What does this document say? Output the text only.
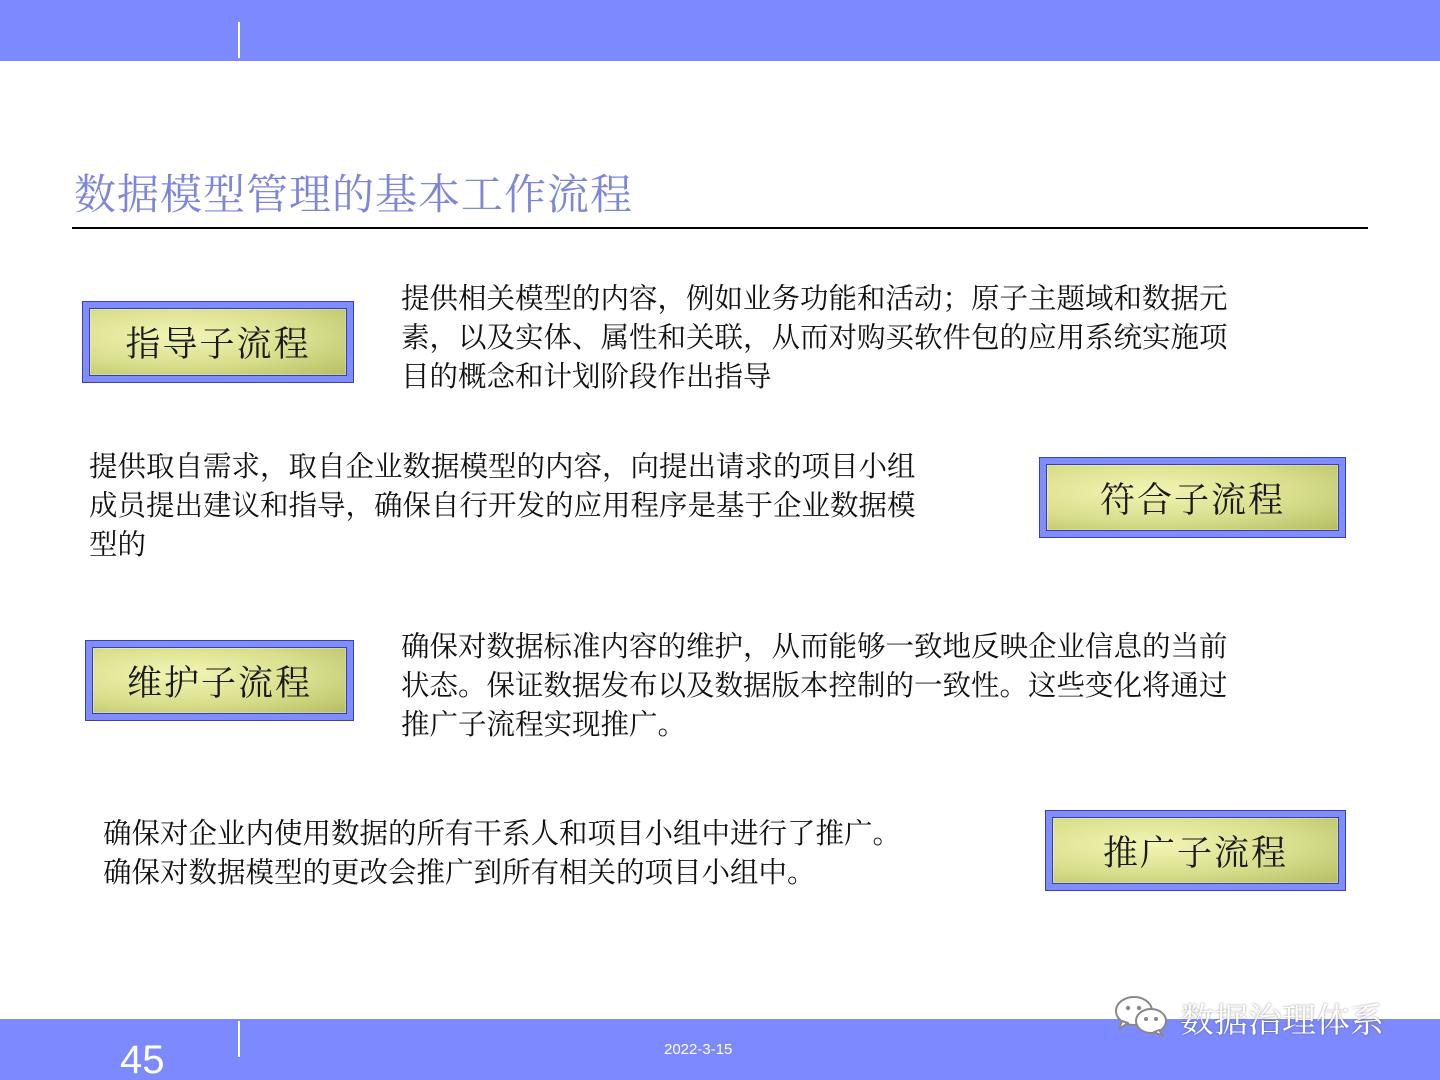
数据模型管理的基本工作流程
指导子流程
提供相关模型的内容，例如业务功能和活动；原子主题域和数据元
素，以及实体、属性和关联，从而对购买软件包的应用系统实施项
目的概念和计划阶段作出指导
提供取自需求，取自企业数据模型的内容，向提出请求的项目小组
成员提出建议和指导，确保自行开发的应用程序是基于企业数据模
型的
符合子流程
维护子流程
确保对数据标准内容的维护，从而能够一致地反映企业信息的当前
状态。保证数据发布以及数据版本控制的一致性。这些变化将通过
推广子流程实现推广。
确保对企业内使用数据的所有干系人和项目小组中进行了推广。
确保对数据模型的更改会推广到所有相关的项目小组中。	推广子流程
45	2022-3-15
数据治理体系
